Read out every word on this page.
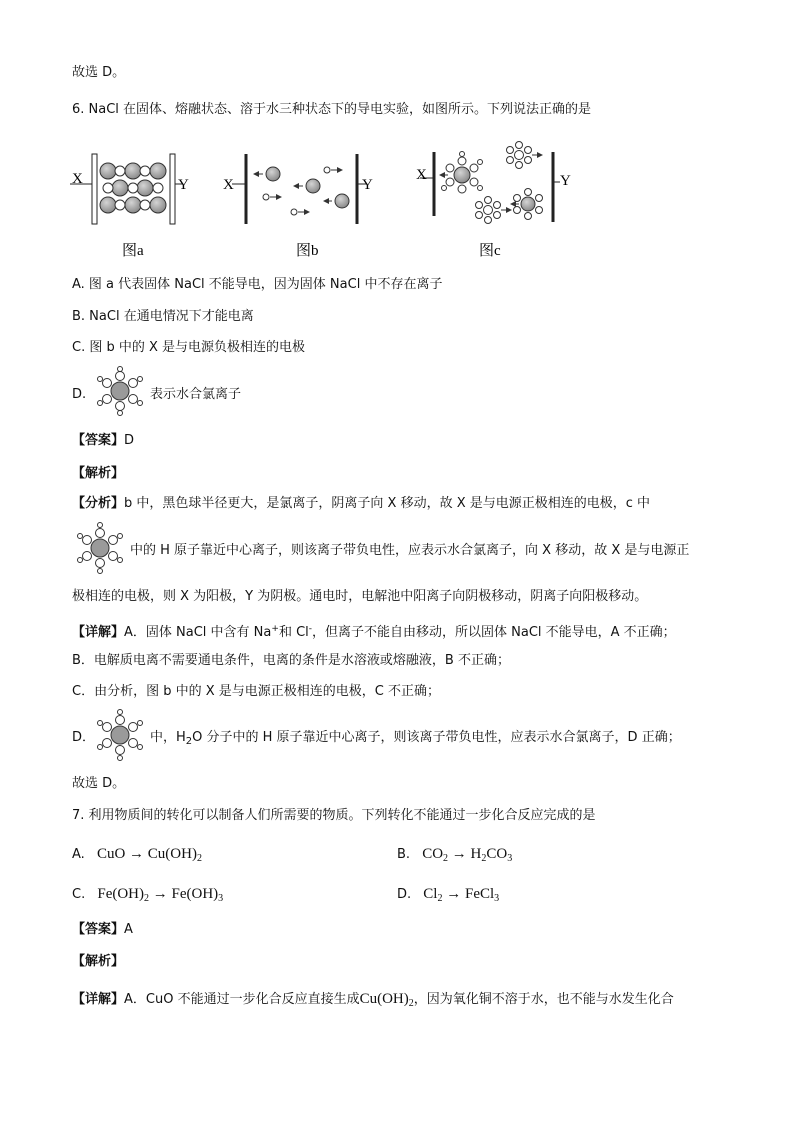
故选 D。
6. NaCl 在固体、熔融状态、溶于水三种状态下的导电实验，如图所示。下列说法正确的是
X	Y X	Y
X	Y
图a	图b	图c
A. 图 a 代表固体 NaCl 不能导电，因为固体 NaCl 中不存在离子
B. NaCl 在通电情况下才能电离
C. 图 b 中的 X 是与电源负极相连的电极
D.	表示水合氯离子
【答案】D
【解析】
【分析】b 中，黑色球半径更大，是氯离子，阴离子向 X 移动，故 X 是与电源正极相连的电极，c 中
中的 H 原子靠近中心离子，则该离子带负电性，应表示水合氯离子，向 X 移动，故 X 是与电源正
极相连的电极，则 X 为阳极，Y 为阴极。通电时，电解池中阳离子向阴极移动，阴离子向阳极移动。
【详解】A．固体 NaCl 中含有 Na+和 Cl-，但离子不能自由移动，所以固体 NaCl 不能导电，A 不正确；
B．电解质电离不需要通电条件，电离的条件是水溶液或熔融液，B 不正确；
C．由分析，图 b 中的 X 是与电源正极相连的电极，C 不正确；
D．	中，$H_2O$ 分子中的 H 原子靠近中心离子，则该离子带负电性，应表示水合氯离子，D 正确；
故选 D。
7. 利用物质间的转化可以制备人们所需要的物质。下列转化不能通过一步化合反应完成的是
A. CuO → $Cu(OH)_2$	B. $CO_2 \to H_2CO_3$
C. $Fe(OH)_2 \to Fe(OH)_3$	D. $Cl_2$ → FeCl$_3$
【答案】A
【解析】
【详解】A．CuO 不能通过一步化合反应直接生成$Cu(OH)_2$，因为氧化铜不溶于水，也不能与水发生化合
